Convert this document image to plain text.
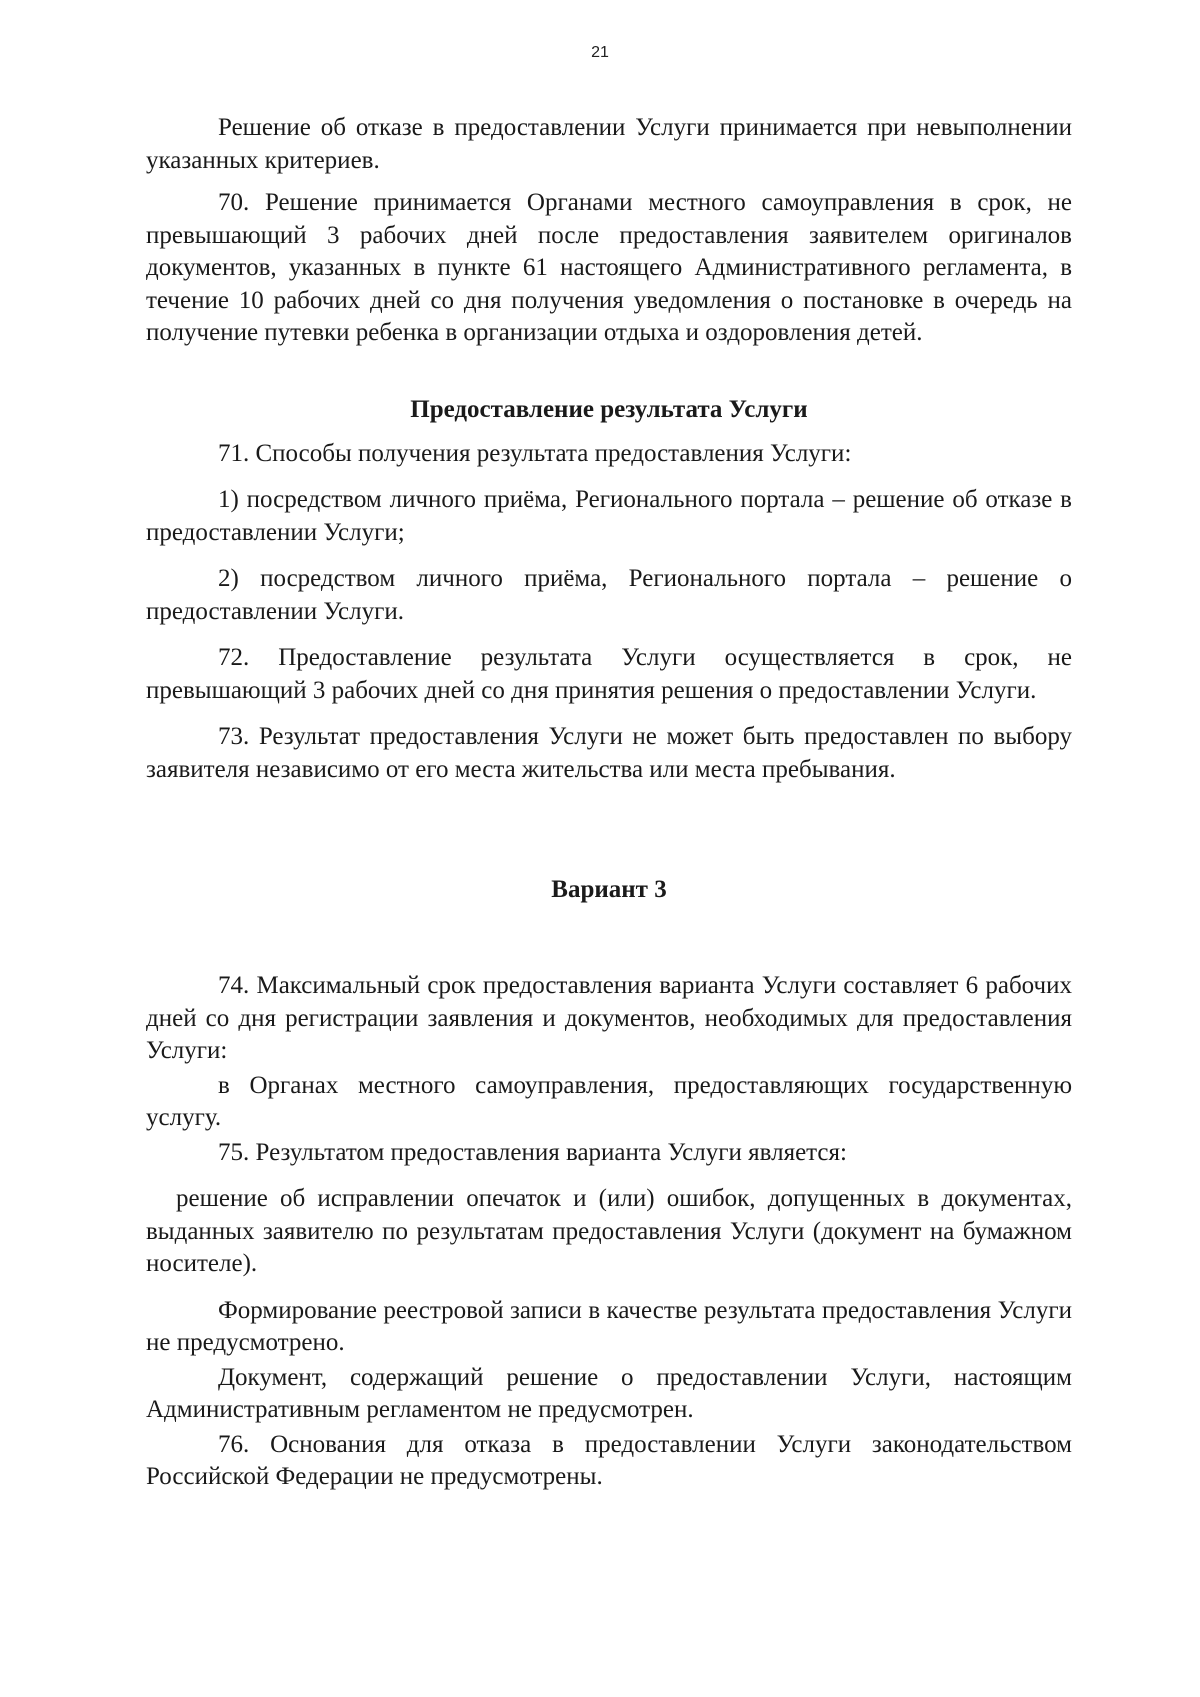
21

Решение об отказе в предоставлении Услуги принимается при невыполнении указанных критериев.

70. Решение принимается Органами местного самоуправления в срок, не превышающий 3 рабочих дней после предоставления заявителем оригиналов документов, указанных в пункте 61 настоящего Административного регламента, в течение 10 рабочих дней со дня получения уведомления о постановке в очередь на получение путевки ребенка в организации отдыха и оздоровления детей.

Предоставление результата Услуги

71. Способы получения результата предоставления Услуги:

1) посредством личного приёма, Регионального портала – решение об отказе в предоставлении Услуги;

2) посредством личного приёма, Регионального портала – решение о предоставлении Услуги.

72. Предоставление результата Услуги осуществляется в срок, не превышающий 3 рабочих дней со дня принятия решения о предоставлении Услуги.

73. Результат предоставления Услуги не может быть предоставлен по выбору заявителя независимо от его места жительства или места пребывания.

Вариант 3

74. Максимальный срок предоставления варианта Услуги составляет 6 рабочих дней со дня регистрации заявления и документов, необходимых для предоставления Услуги:

в Органах местного самоуправления, предоставляющих государственную услугу.

75. Результатом предоставления варианта Услуги является:

решение об исправлении опечаток и (или) ошибок, допущенных в документах, выданных заявителю по результатам предоставления Услуги (документ на бумажном носителе).

Формирование реестровой записи в качестве результата предоставления Услуги не предусмотрено.

Документ, содержащий решение о предоставлении Услуги, настоящим Административным регламентом не предусмотрен.

76. Основания для отказа в предоставлении Услуги законодательством Российской Федерации не предусмотрены.
